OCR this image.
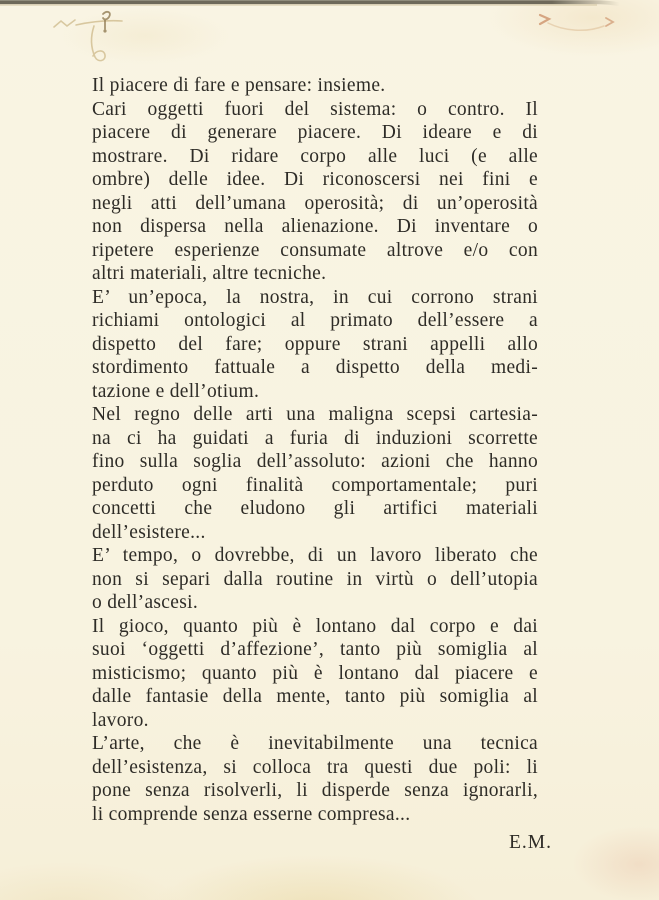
Il piacere di fare e pensare: insieme.
Cari oggetti fuori del sistema: o contro. Il
piacere di generare piacere. Di ideare e di
mostrare. Di ridare corpo alle luci (e alle
ombre) delle idee. Di riconoscersi nei fini e
negli atti dell’umana operosità; di un’operosità
non dispersa nella alienazione. Di inventare o
ripetere esperienze consumate altrove e/o con
altri materiali, altre tecniche.
E’ un’epoca, la nostra, in cui corrono strani
richiami ontologici al primato dell’essere a
dispetto del fare; oppure strani appelli allo
stordimento fattuale a dispetto della medi-
tazione e dell’otium.
Nel regno delle arti una maligna scepsi cartesia-
na ci ha guidati a furia di induzioni scorrette
fino sulla soglia dell’assoluto: azioni che hanno
perduto ogni finalità comportamentale; puri
concetti che eludono gli artifici materiali
dell’esistere...
E’ tempo, o dovrebbe, di un lavoro liberato che
non si separi dalla routine in virtù o dell’utopia
o dell’ascesi.
Il gioco, quanto più è lontano dal corpo e dai
suoi ‘oggetti d’affezione’, tanto più somiglia al
misticismo; quanto più è lontano dal piacere e
dalle fantasie della mente, tanto più somiglia al
lavoro.
L’arte, che è inevitabilmente una tecnica
dell’esistenza, si colloca tra questi due poli: li
pone senza risolverli, li disperde senza ignorarli,
li comprende senza esserne compresa...
E.M.
